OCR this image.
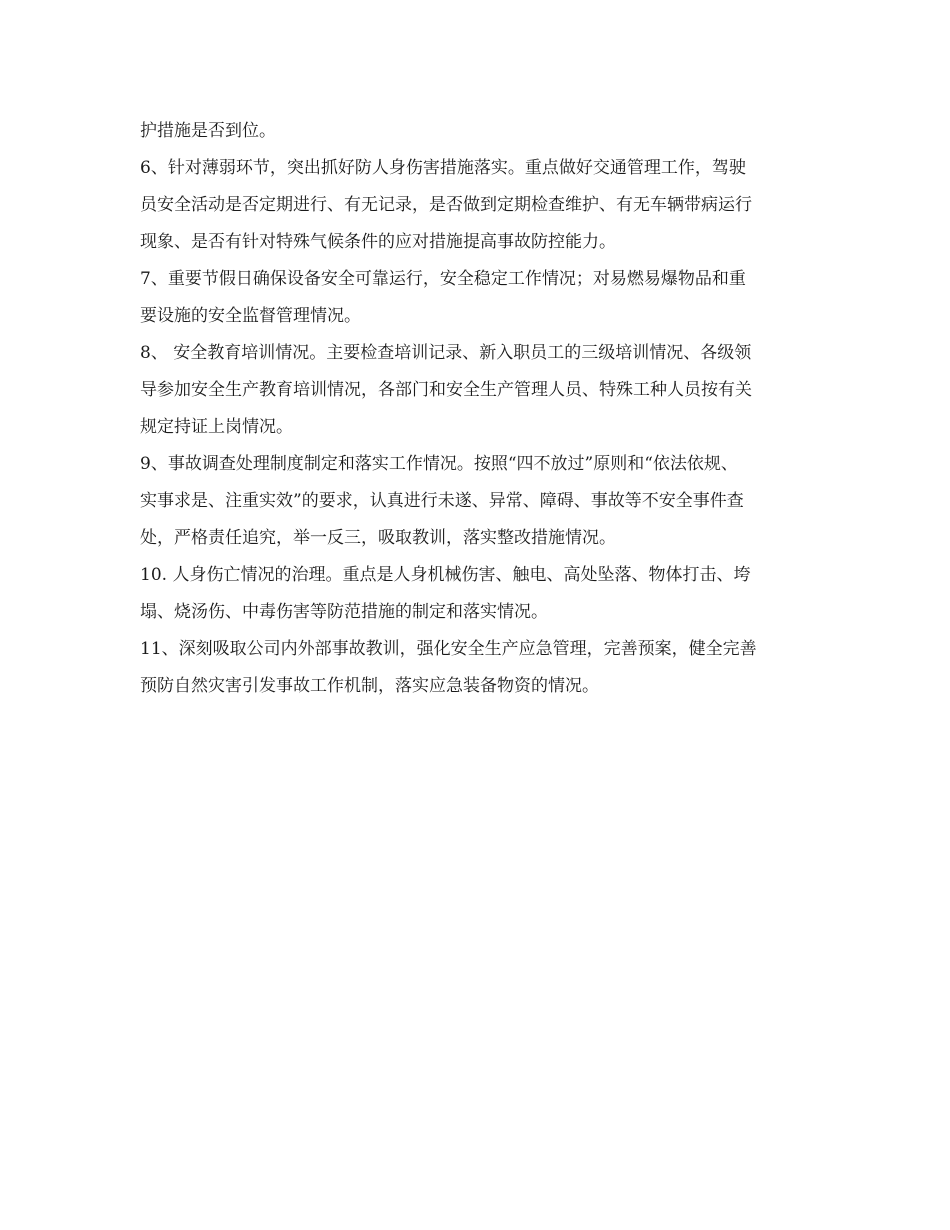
护措施是否到位。
6、针对薄弱环节，突出抓好防人身伤害措施落实。重点做好交通管理工作，驾驶
员安全活动是否定期进行、有无记录，是否做到定期检查维护、有无车辆带病运行
现象、是否有针对特殊气候条件的应对措施提高事故防控能力。
7、重要节假日确保设备安全可靠运行，安全稳定工作情况；对易燃易爆物品和重
要设施的安全监督管理情况。
8、 安全教育培训情况。主要检查培训记录、新入职员工的三级培训情况、各级领
导参加安全生产教育培训情况，各部门和安全生产管理人员、特殊工种人员按有关
规定持证上岗情况。
9、事故调查处理制度制定和落实工作情况。按照“四不放过”原则和“依法依规、
实事求是、注重实效”的要求，认真进行未遂、异常、障碍、事故等不安全事件查
处，严格责任追究，举一反三，吸取教训，落实整改措施情况。
10. 人身伤亡情况的治理。重点是人身机械伤害、触电、高处坠落、物体打击、垮
塌、烧汤伤、中毒伤害等防范措施的制定和落实情况。
11、深刻吸取公司内外部事故教训，强化安全生产应急管理，完善预案，健全完善
预防自然灾害引发事故工作机制，落实应急装备物资的情况。
